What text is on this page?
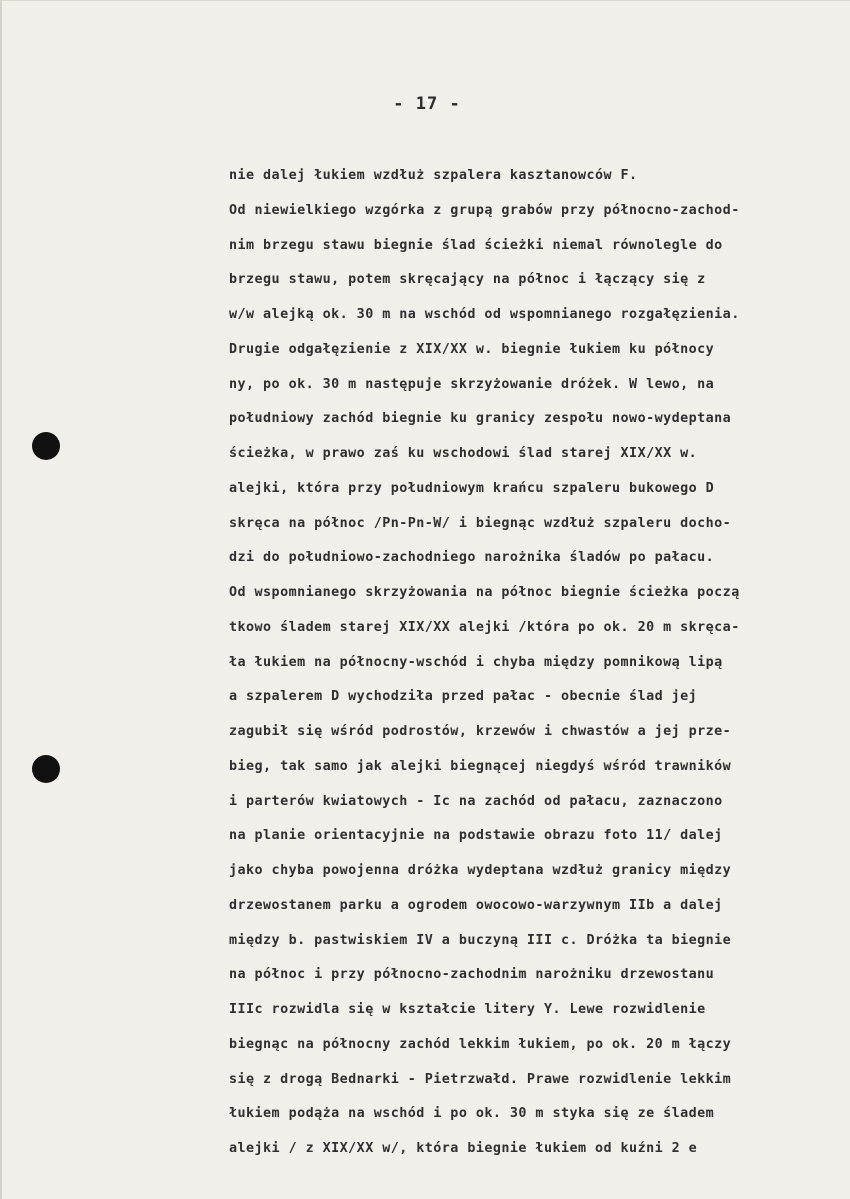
- 17 -
nie dalej łukiem wzdłuż szpalera kasztanowców F.
Od niewielkiego wzgórka z grupą grabów przy północno-zachod-
nim brzegu stawu biegnie ślad ścieżki niemal równolegle do
brzegu stawu, potem skręcający na północ i łączący się z
w/w alejką ok. 30 m na wschód od wspomnianego rozgałęzienia.
Drugie odgałęzienie z XIX/XX w. biegnie łukiem ku północy
ny, po ok. 30 m następuje skrzyżowanie dróżek. W lewo, na
południowy zachód biegnie ku granicy zespołu nowo-wydeptana
ścieżka, w prawo zaś ku wschodowi ślad starej XIX/XX w.
alejki, która przy południowym krańcu szpaleru bukowego D
skręca na północ /Pn-Pn-W/ i biegnąc wzdłuż szpaleru docho-
dzi do południowo-zachodniego narożnika śladów po pałacu.
Od wspomnianego skrzyżowania na północ biegnie ścieżka począ
tkowo śladem starej XIX/XX alejki /która po ok. 20 m skręca-
ła łukiem na północny-wschód i chyba między pomnikową lipą
a szpalerem D wychodziła przed pałac - obecnie ślad jej
zagubił się wśród podrostów, krzewów i chwastów a jej prze-
bieg, tak samo jak alejki biegnącej niegdyś wśród trawników
i parterów kwiatowych - Ic na zachód od pałacu, zaznaczono
na planie orientacyjnie na podstawie obrazu foto 11/ dalej
jako chyba powojenna dróżka wydeptana wzdłuż granicy między
drzewostanem parku a ogrodem owocowo-warzywnym IIb a dalej
między b. pastwiskiem IV a buczyną III c. Dróżka ta biegnie
na północ i przy północno-zachodnim narożniku drzewostanu
IIIc rozwidla się w kształcie litery Y. Lewe rozwidlenie
biegnąc na północny zachód lekkim łukiem, po ok. 20 m łączy
się z drogą Bednarki - Pietrzwałd. Prawe rozwidlenie lekkim
łukiem podąża na wschód i po ok. 30 m styka się ze śladem
alejki / z XIX/XX w/, która biegnie łukiem od kuźni 2 e
